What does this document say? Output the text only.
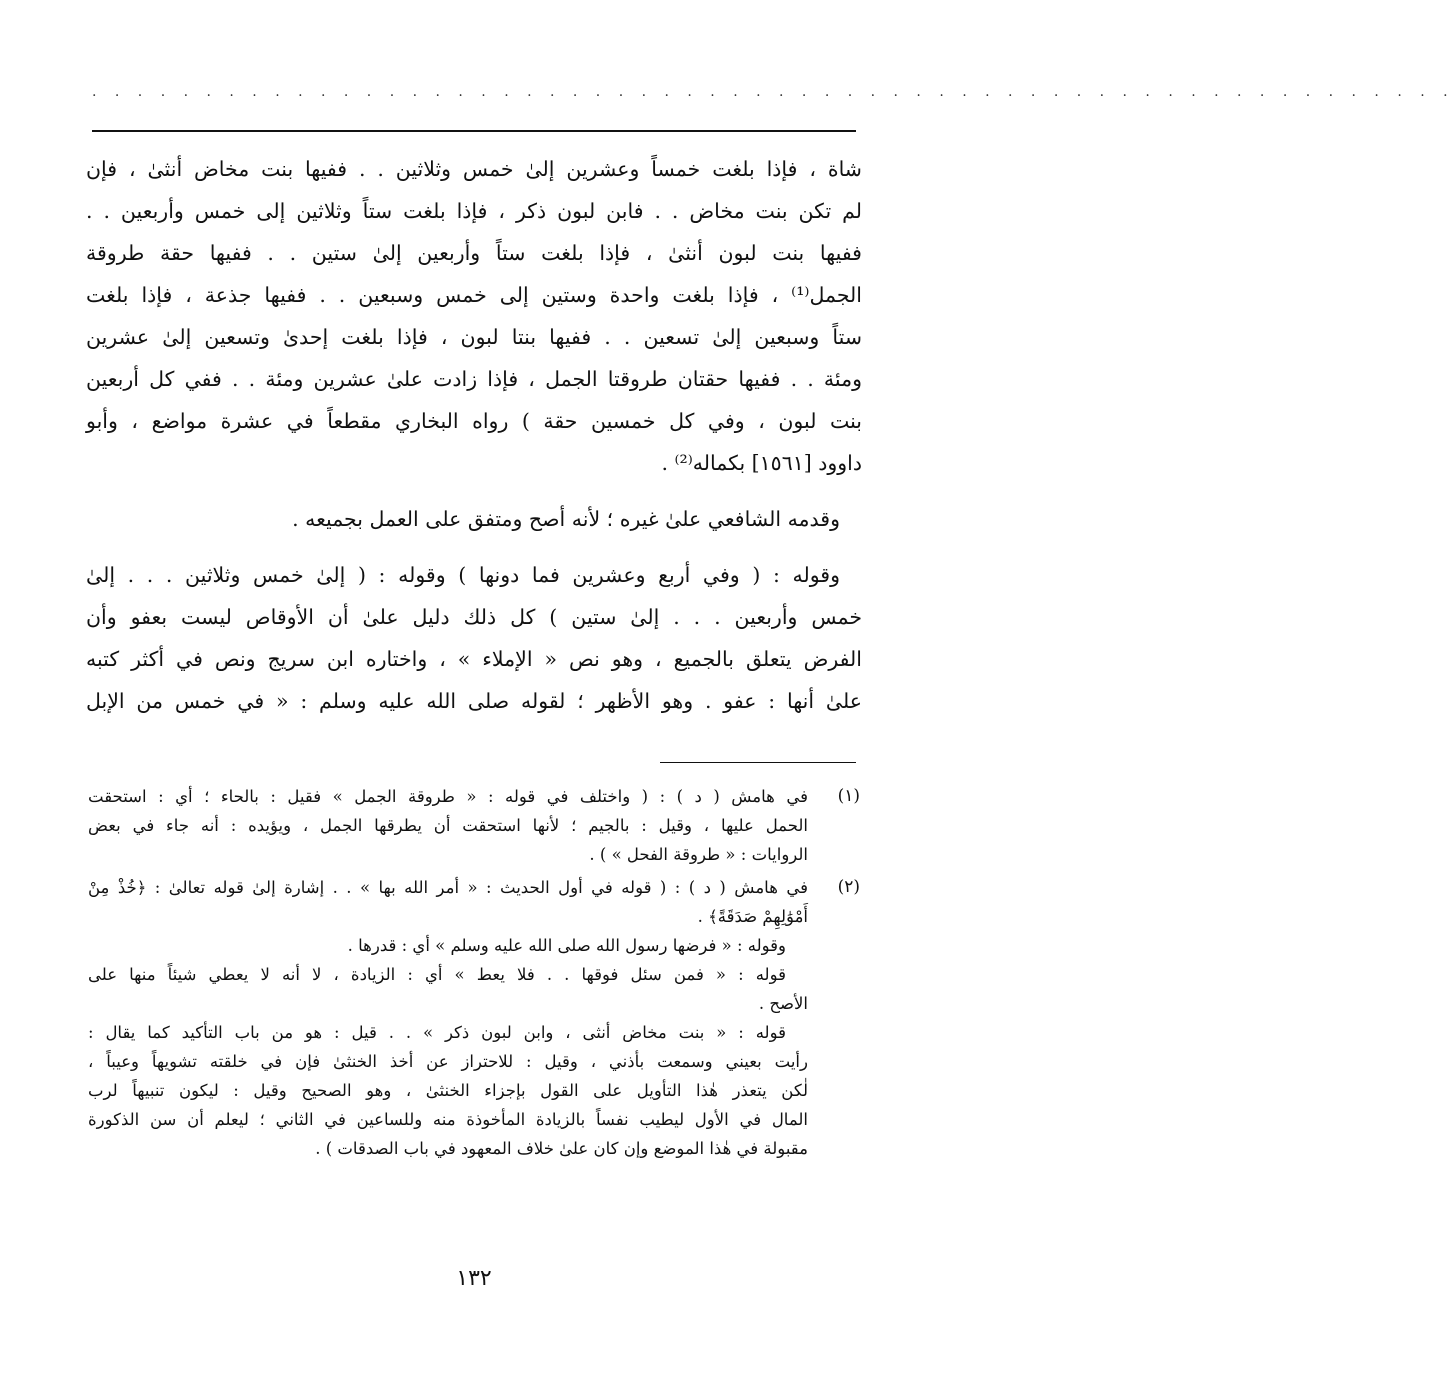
. . . . . . . . . . . . . . . . . . . . . . . . . . . . . . . . . . . . . . . . . . . . . . . . . . . . . . . . . . . .
شاة ، فإذا بلغت خمساً وعشرين إلىٰ خمس وثلاثين . . ففيها بنت مخاض أنثىٰ ، فإن
لم تكن بنت مخاض . . فابن لبون ذكر ، فإذا بلغت ستاً وثلاثين إلى خمس وأربعين . .
ففيها بنت لبون أنثىٰ ، فإذا بلغت ستاً وأربعين إلىٰ ستين . . ففيها حقة طروقة
الجمل⁽¹⁾ ، فإذا بلغت واحدة وستين إلى خمس وسبعين . . ففيها جذعة ، فإذا بلغت
ستاً وسبعين إلىٰ تسعين . . ففيها بنتا لبون ، فإذا بلغت إحدىٰ وتسعين إلىٰ عشرين
ومئة . . ففيها حقتان طروقتا الجمل ، فإذا زادت علىٰ عشرين ومئة . . ففي كل أربعين
بنت لبون ، وفي كل خمسين حقة ) رواه البخاري مقطعاً في عشرة مواضع ، وأبو
داوود [١٥٦١] بكماله⁽²⁾ .
وقدمه الشافعي علىٰ غيره ؛ لأنه أصح ومتفق على العمل بجميعه .
وقوله : ( وفي أربع وعشرين فما دونها ) وقوله : ( إلىٰ خمس وثلاثين . . . إلىٰ
خمس وأربعين . . . إلىٰ ستين ) كل ذلك دليل علىٰ أن الأوقاص ليست بعفو وأن
الفرض يتعلق بالجميع ، وهو نص « الإملاء » ، واختاره ابن سريج ونص في أكثر كتبه
علىٰ أنها : عفو . وهو الأظهر ؛ لقوله صلى الله عليه وسلم : « في خمس من الإبل
(١)
في هامش ( د ) : ( واختلف في قوله : « طروقة الجمل » فقيل : بالحاء ؛ أي : استحقت
الحمل عليها ، وقيل : بالجيم ؛ لأنها استحقت أن يطرقها الجمل ، ويؤيده : أنه جاء في بعض
الروايات : « طروقة الفحل » ) .
(٢)
في هامش ( د ) : ( قوله في أول الحديث : « أمر الله بها » . . إشارة إلىٰ قوله تعالىٰ : ﴿خُذْ مِنْ
أَمْوَٰلِهِمْ صَدَقَةً﴾ .
وقوله : « فرضها رسول الله صلى الله عليه وسلم » أي : قدرها .
قوله : « فمن سئل فوقها . . فلا يعط » أي : الزيادة ، لا أنه لا يعطي شيئاً منها على
الأصح .
قوله : « بنت مخاض أنثى ، وابن لبون ذكر » . . قيل : هو من باب التأكيد كما يقال :
رأيت بعيني وسمعت بأذني ، وقيل : للاحتراز عن أخذ الخنثىٰ فإن في خلقته تشويهاً وعيباً ،
لٰكن يتعذر هٰذا التأويل على القول بإجزاء الخنثىٰ ، وهو الصحيح وقيل : ليكون تنبيهاً لرب
المال في الأول ليطيب نفساً بالزيادة المأخوذة منه وللساعين في الثاني ؛ ليعلم أن سن الذكورة
مقبولة في هٰذا الموضع وإن كان علىٰ خلاف المعهود في باب الصدقات ) .
١٣٢
